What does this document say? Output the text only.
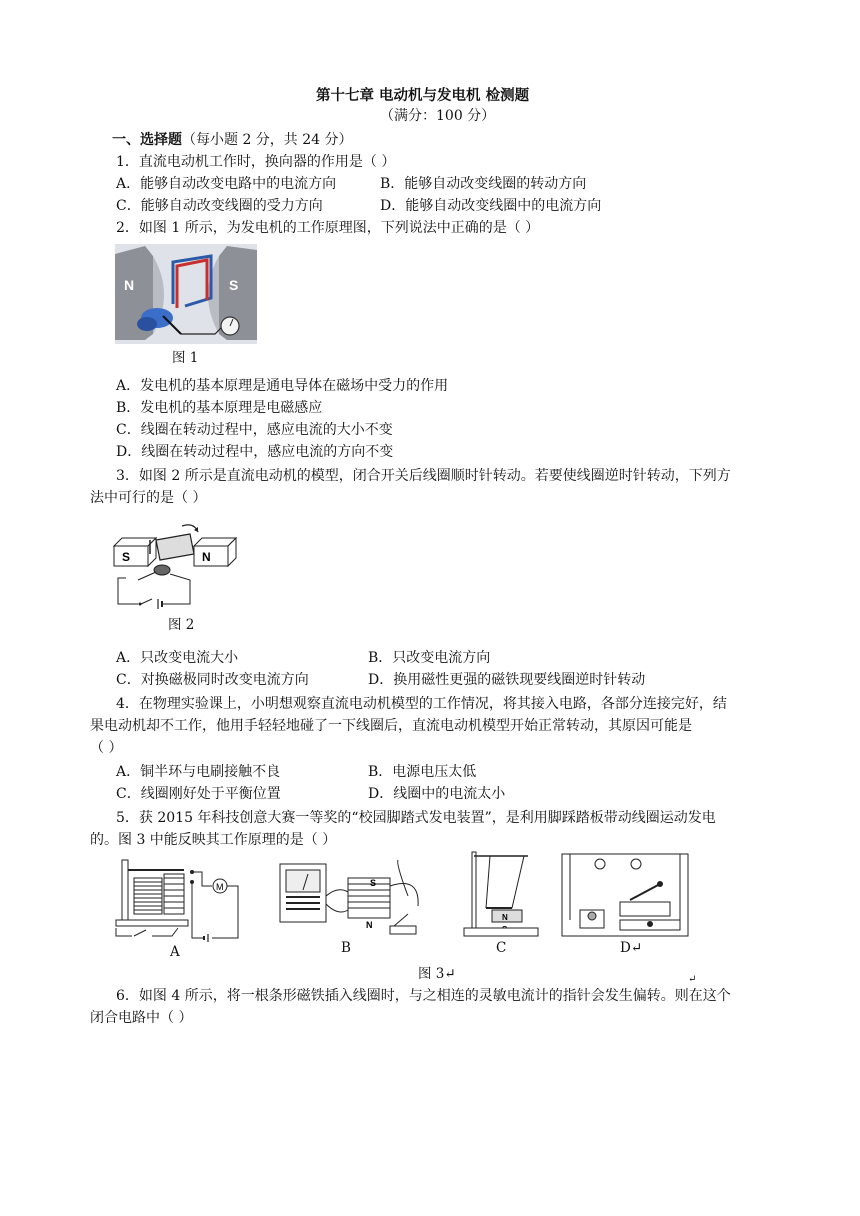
第十七章 电动机与发电机 检测题
（满分：100 分）
一、选择题（每小题 2 分，共 24 分）
1．直流电动机工作时，换向器的作用是（ ）
A．能够自动改变电路中的电流方向	B．能够自动改变线圈的转动方向
C．能够自动改变线圈的受力方向	D．能够自动改变线圈中的电流方向
2．如图 1 所示，为发电机的工作原理图，下列说法中正确的是（ ）
N	S
图 1
A．发电机的基本原理是通电导体在磁场中受力的作用
B．发电机的基本原理是电磁感应
C．线圈在转动过程中，感应电流的大小不变
D．线圈在转动过程中，感应电流的方向不变
3．如图 2 所示是直流电动机的模型，闭合开关后线圈顺时针转动。若要使线圈逆时针转动，下列方
法中可行的是（ ）
S	N
图 2
A．只改变电流大小	B．只改变电流方向
C．对换磁极同时改变电流方向	D．换用磁性更强的磁铁现要线圈逆时针转动
4．在物理实验课上，小明想观察直流电动机模型的工作情况，将其接入电路，各部分连接完好，结
果电动机却不工作，他用手轻轻地碰了一下线圈后，直流电动机模型开始正常转动，其原因可能是
（ ）
A．铜半环与电刷接触不良	B．电源电压太低
C．线圈刚好处于平衡位置	D．线圈中的电流太小
5．获 2015 年科技创意大赛一等奖的“校园脚踏式发电装置”，是利用脚踩踏板带动线圈运动发电
的。图 3 中能反映其工作原理的是（ ）
M
A
S
N
B
N
C	D↵
图 3↵	↵
6．如图 4 所示，将一根条形磁铁插入线圈时，与之相连的灵敏电流计的指针会发生偏转。则在这个
闭合电路中（ ）
